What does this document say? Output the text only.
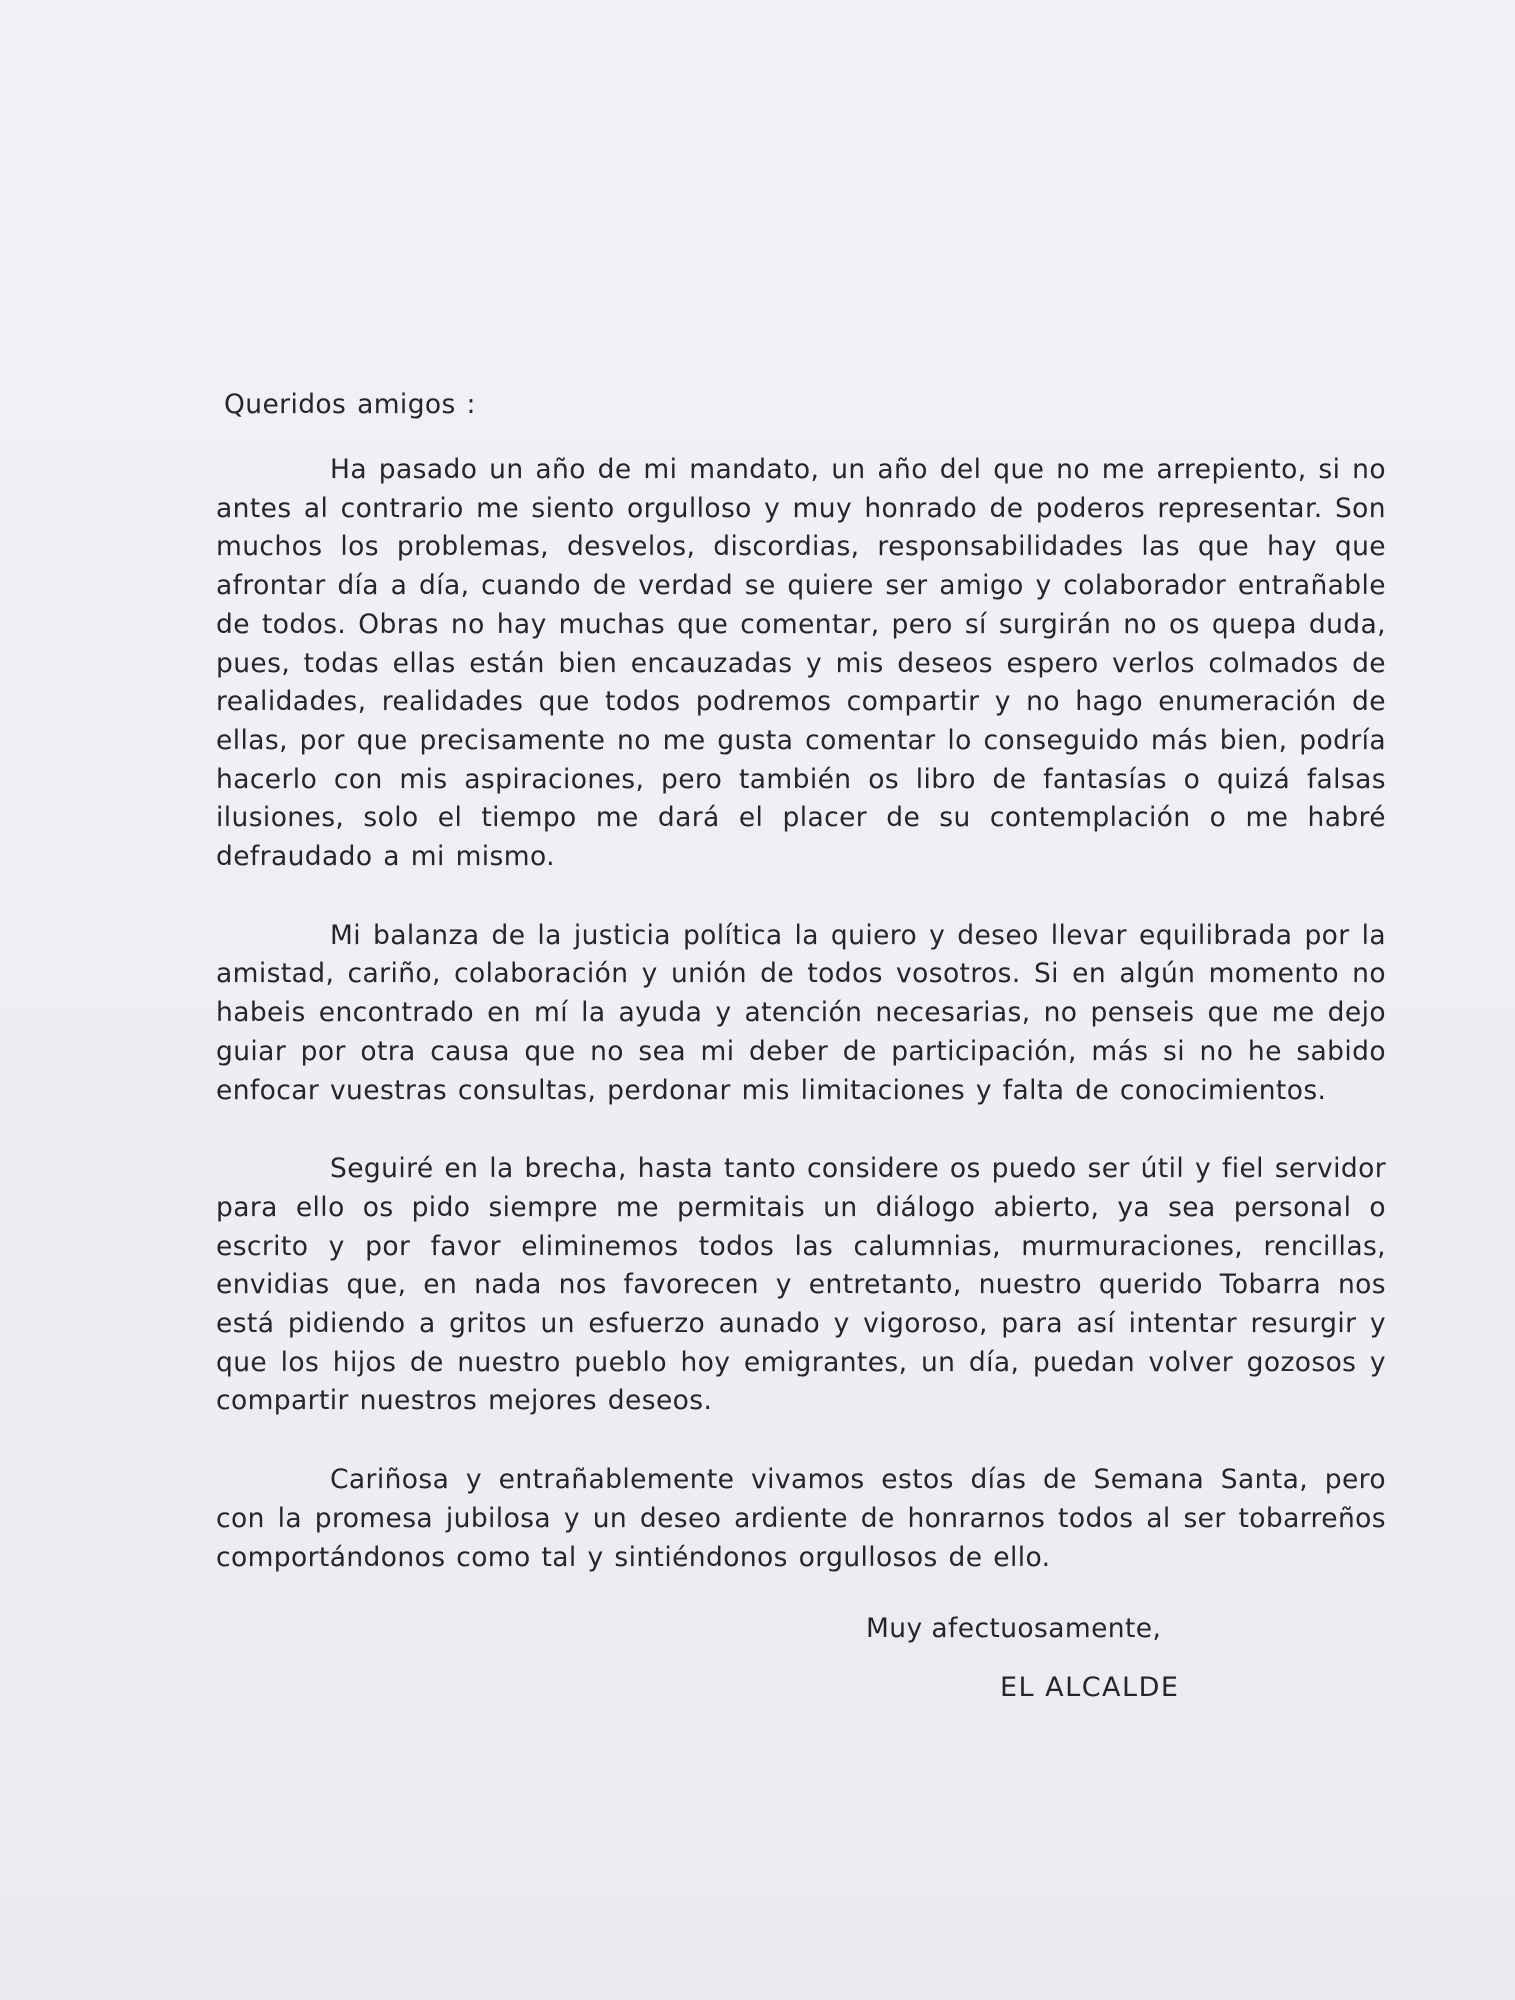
Queridos amigos :

Ha pasado un año de mi mandato, un año del que no me arrepiento, si no antes al contrario me siento orgulloso y muy honrado de poderos representar. Son muchos los problemas, desvelos, discordias, responsabilidades las que hay que afrontar día a día, cuando de verdad se quiere ser amigo y colaborador entrañable de todos. Obras no hay muchas que comentar, pero sí surgirán no os quepa duda, pues, todas ellas están bien encauzadas y mis deseos espero verlos colmados de realidades, realidades que todos podremos compartir y no hago enumeración de ellas, por que precisamente no me gusta comentar lo conseguido más bien, podría hacerlo con mis aspiraciones, pero también os libro de fantasías o quizá falsas ilusiones, solo el tiempo me dará el placer de su contemplación o me habré defraudado a mi mismo.

Mi balanza de la justicia política la quiero y deseo llevar equilibrada por la amistad, cariño, colaboración y unión de todos vosotros. Si en algún momento no habeis encontrado en mí la ayuda y atención necesarias, no penseis que me dejo guiar por otra causa que no sea mi deber de participación, más si no he sabido enfocar vuestras consultas, perdonar mis limitaciones y falta de conocimientos.

Seguiré en la brecha, hasta tanto considere os puedo ser útil y fiel servidor para ello os pido siempre me permitais un diálogo abierto, ya sea personal o escrito y por favor eliminemos todos las calumnias, murmuraciones, rencillas, envidias que, en nada nos favorecen y entretanto, nuestro querido Tobarra nos está pidiendo a gritos un esfuerzo aunado y vigoroso, para así intentar resurgir y que los hijos de nuestro pueblo hoy emigrantes, un día, puedan volver gozosos y compartir nuestros mejores deseos.

Cariñosa y entrañablemente vivamos estos días de Semana Santa, pero con la promesa jubilosa y un deseo ardiente de honrarnos todos al ser tobarreños comportándonos como tal y sintiéndonos orgullosos de ello.

Muy afectuosamente,
EL ALCALDE
